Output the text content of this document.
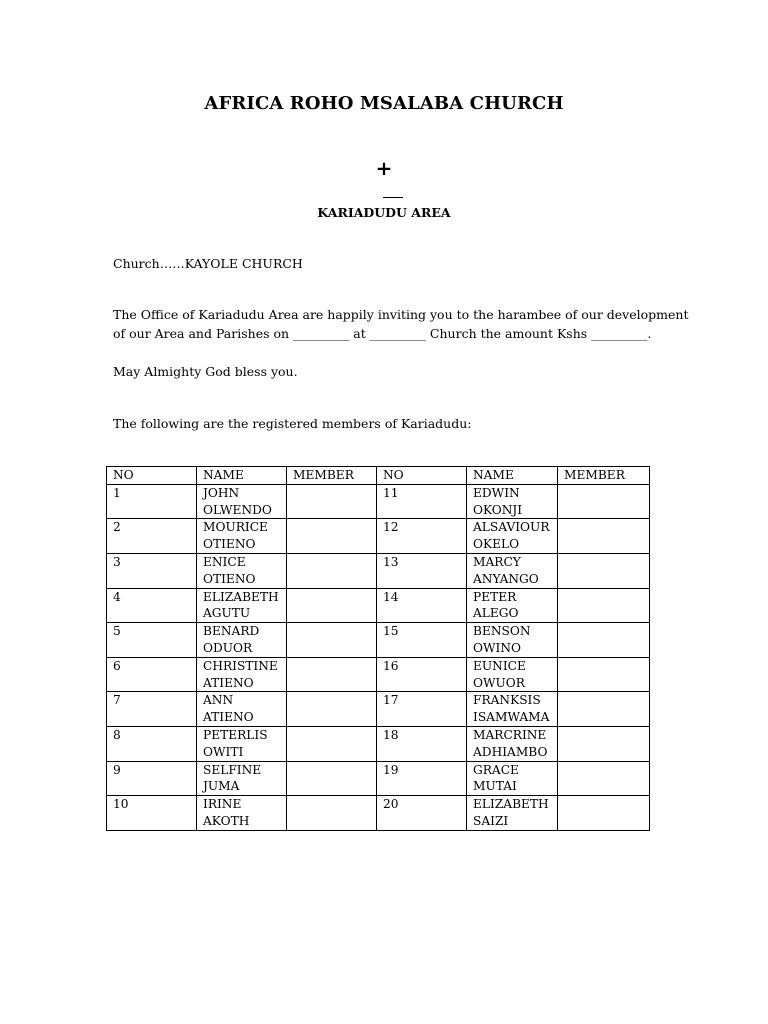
AFRICA ROHO MSALABA CHURCH
+
KARIADUDU AREA
Church……KAYOLE CHURCH
The Office of Kariadudu Area are happily inviting you to the harambee of our development
of our Area and Parishes on _________ at _________ Church the amount Kshs _________.
May Almighty God bless you.
The following are the registered members of Kariadudu:
NO	NAME	MEMBER	NO	NAME	MEMBER
1	JOHN OLWENDO		11	EDWIN OKONJI	
2	MOURICE OTIENO		12	ALSAVIOUR OKELO	
3	ENICE OTIENO		13	MARCY ANYANGO	
4	ELIZABETH AGUTU		14	PETER ALEGO	
5	BENARD ODUOR		15	BENSON OWINO	
6	CHRISTINE ATIENO		16	EUNICE OWUOR	
7	ANN ATIENO		17	FRANKSIS ISAMWAMA	
8	PETERLIS OWITI		18	MARCRINE ADHIAMBO	
9	SELFINE JUMA		19	GRACE MUTAI	
10	IRINE AKOTH		20	ELIZABETH SAIZI	
